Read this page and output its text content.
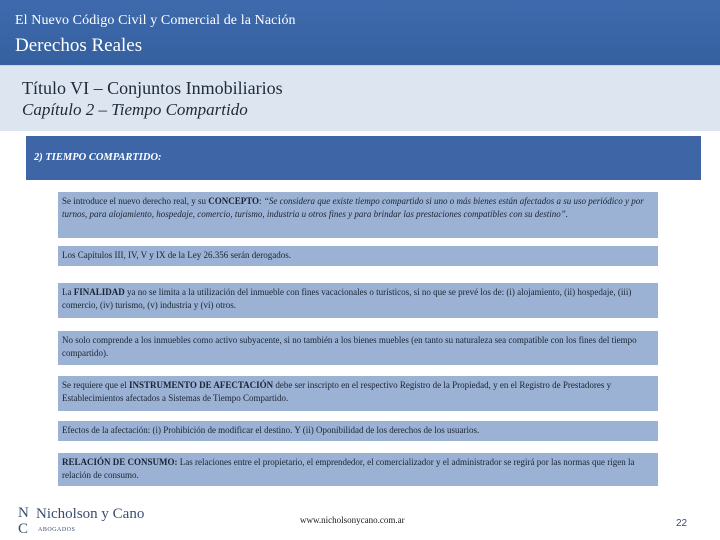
El Nuevo Código Civil y Comercial de la Nación
Derechos Reales
Título VI – Conjuntos Inmobiliarios
Capítulo 2 – Tiempo Compartido
2) TIEMPO COMPARTIDO:
Se introduce el nuevo derecho real, y su CONCEPTO: “Se considera que existe tiempo compartido si uno o más bienes están afectados a su uso periódico y por turnos, para alojamiento, hospedaje, comercio, turismo, industria u otros fines y para brindar las prestaciones compatibles con su destino”.
Los Capítulos III, IV, V y IX de la Ley 26.356 serán derogados.
La FINALIDAD ya no se limita a la utilización del inmueble con fines vacacionales o turísticos, si no que se prevé los de: (i) alojamiento, (ii) hospedaje, (iii) comercio, (iv) turismo, (v) industria y (vi) otros.
No solo comprende a los inmuebles como activo subyacente, si no también a los bienes muebles (en tanto su naturaleza sea compatible con los fines del tiempo compartido).
Se requiere que el INSTRUMENTO DE AFECTACIÓN debe ser inscripto en el respectivo Registro de la Propiedad, y en el Registro de Prestadores y Establecimientos afectados a Sistemas de Tiempo Compartido.
Efectos de la afectación: (i) Prohibición de modificar el destino. Y (ii) Oponibilidad de los derechos de los usuarios.
RELACIÓN DE CONSUMO: Las relaciones entre el propietario, el emprendedor, el comercializador y el administrador se regirá por las normas que rigen la relación de consumo.
N
C
Nicholson y Cano
ABOGADOS
www.nicholsonycano.com.ar	22
